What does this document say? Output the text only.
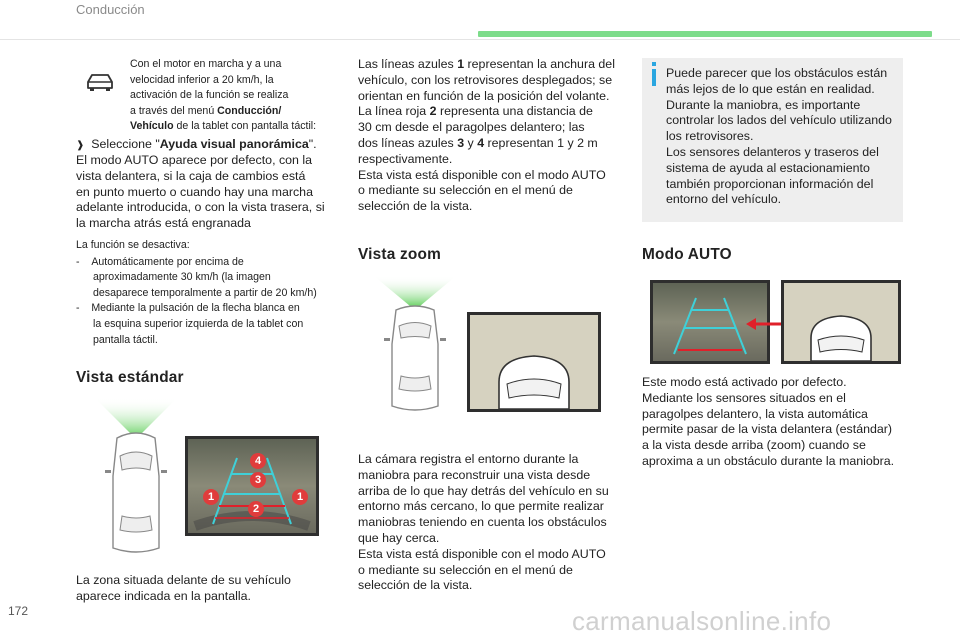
Conducción
Con el motor en marcha y a una
velocidad inferior a 20 km/h, la
activación de la función se realiza
a través del menú Conducción/
Vehículo de la tablet con pantalla táctil:
❱ Seleccione "Ayuda visual panorámica".
El modo AUTO aparece por defecto, con la
vista delantera, si la caja de cambios está
en punto muerto o cuando hay una marcha
adelante introducida, o con la vista trasera, si
la marcha atrás está engranada
La función se desactiva:
-    Automáticamente por encima de
aproximadamente 30 km/h (la imagen
desaparece temporalmente a partir de 20 km/h)
-    Mediante la pulsación de la flecha blanca en
la esquina superior izquierda de la tablet con
pantalla táctil.
Vista estándar
1	1
2
3
4
La zona situada delante de su vehículo
aparece indicada en la pantalla.
Las líneas azules 1 representan la anchura del
vehículo, con los retrovisores desplegados; se
orientan en función de la posición del volante.
La línea roja 2 representa una distancia de
30 cm desde el paragolpes delantero; las
dos líneas azules 3 y 4 representan 1 y 2 m
respectivamente.
Esta vista está disponible con el modo AUTO
o mediante su selección en el menú de
selección de la vista.
Vista zoom
La cámara registra el entorno durante la
maniobra para reconstruir una vista desde
arriba de lo que hay detrás del vehículo en su
entorno más cercano, lo que permite realizar
maniobras teniendo en cuenta los obstáculos
que hay cerca.
Esta vista está disponible con el modo AUTO
o mediante su selección en el menú de
selección de la vista.
Puede parecer que los obstáculos están
más lejos de lo que están en realidad.
Durante la maniobra, es importante
controlar los lados del vehículo utilizando
los retrovisores.
Los sensores delanteros y traseros del
sistema de ayuda al estacionamiento
también proporcionan información del
entorno del vehículo.
Modo AUTO
Este modo está activado por defecto.
Mediante los sensores situados en el
paragolpes delantero, la vista automática
permite pasar de la vista delantera (estándar)
a la vista desde arriba (zoom) cuando se
aproxima a un obstáculo durante la maniobra.
172	carmanualsonline.info
